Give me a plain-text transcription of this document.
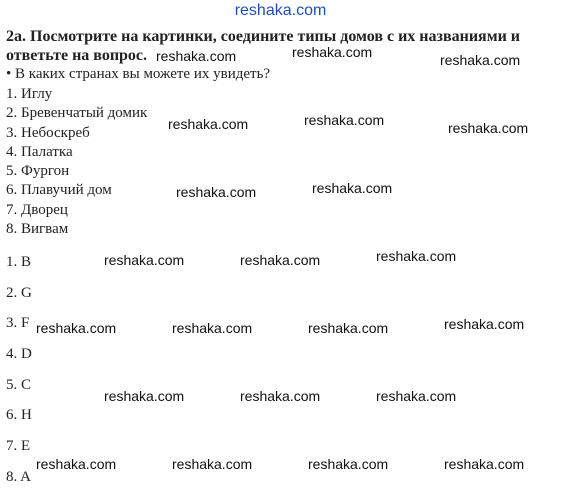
reshaka.com

2a. Посмотрите на картинки, соедините типы домов с их названиями и ответьте на вопрос.

• В каких странах вы можете их увидеть?
1. Иглу
2. Бревенчатый домик
3. Небоскреб
4. Палатка
5. Фургон
6. Плавучий дом
7. Дворец
8. Вигвам
1. B
2. G
3. F
4. D
5. C
6. H
7. E
8. A
reshaka.com	reshaka.com	reshaka.com
reshaka.com	reshaka.com	reshaka.com
reshaka.com	reshaka.com
reshaka.com	reshaka.com	reshaka.com
reshaka.com	reshaka.com	reshaka.com	reshaka.com
reshaka.com	reshaka.com	reshaka.com
reshaka.com	reshaka.com	reshaka.com	reshaka.com
